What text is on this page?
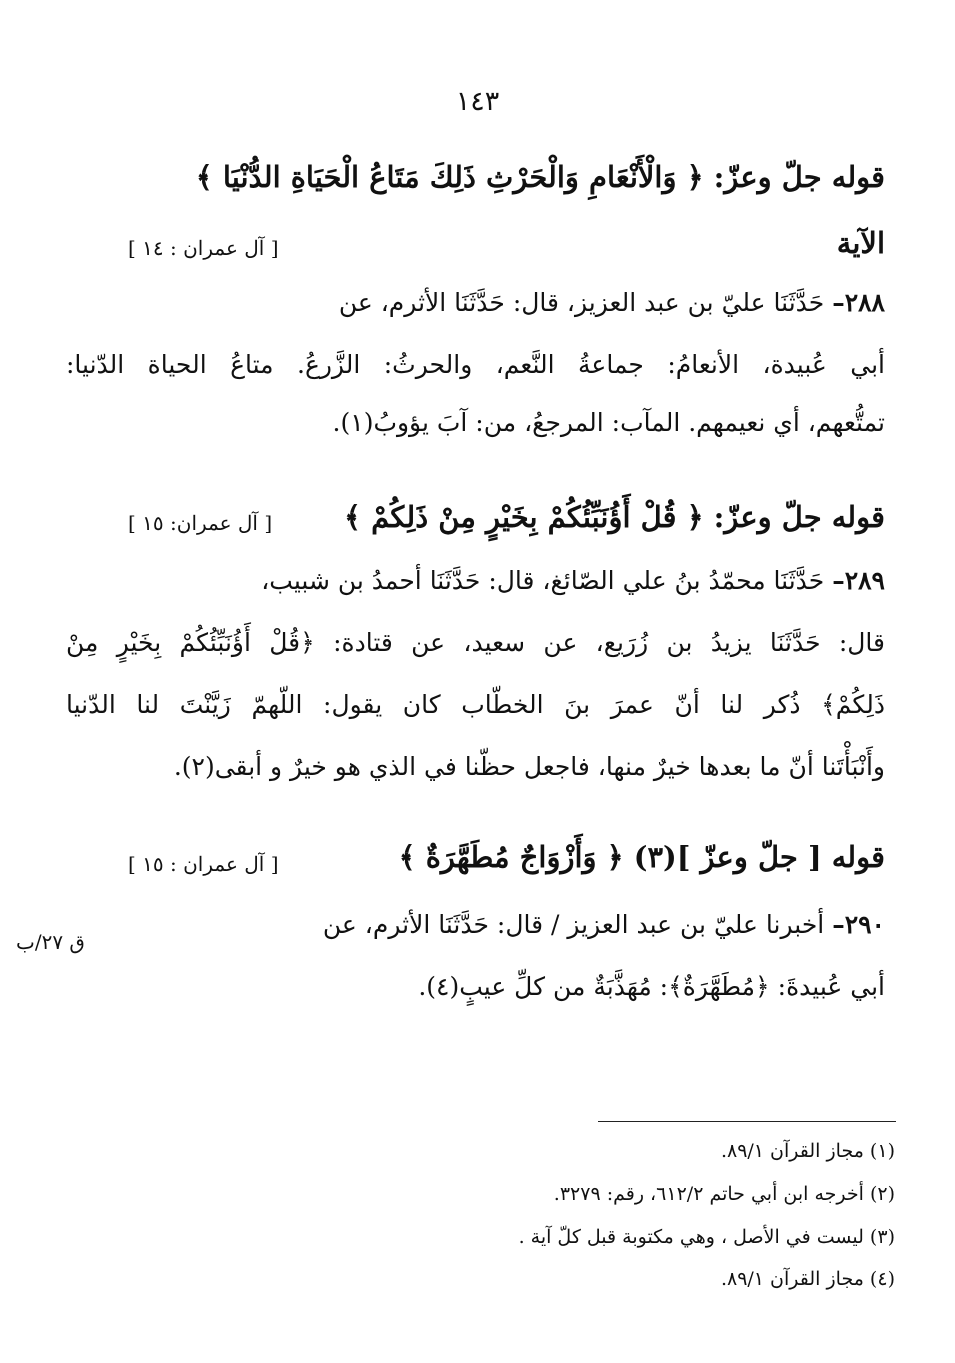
١٤٣
قوله جلّ وعزّ: ﴿ وَالْأَنْعَامِ وَالْحَرْثِ ذَلِكَ مَتَاعُ الْحَيَاةِ الدُّنْيَا ﴾
الآية
[ آل عمران : ١٤ ]
٢٨٨– حَدَّثَنَا عليّ بن عبد العزيز، قال: حَدَّثَنَا الأثرم، عن
أبي عُبيدة، الأنعامُ: جماعةُ النَّعم، والحرثُ: الزَّرعُ. متاعُ الحياة الدّنيا:
تمتُّعهم، أي نعيمهم. المآب: المرجعُ، من: آبَ يؤوبُ(١).
قوله جلّ وعزّ: ﴿ قُلْ أَؤُنَبِّئُكُمْ بِخَيْرٍ مِنْ ذَلِكُمْ ﴾
[ آل عمران: ١٥ ]
٢٨٩– حَدَّثَنَا محمّدُ بنُ علي الصّائغ، قال: حَدَّثَنَا أحمدُ بن شبيب،
قال: حَدَّثَنَا يزيدُ بن زُرَيع، عن سعيد، عن قتادة: ﴿قُلْ أَؤُنَبِّئُكُمْ بِخَيْرٍ مِنْ
ذَلِكُمْ﴾ ذُكر لنا أنّ عمرَ بنَ الخطّاب كان يقول: اللّهمّ زَيَّنْتَ لنا الدّنيا
وأَنْبَأْتَنا أنّ ما بعدها خيرٌ منها، فاجعل حظّنا في الذي هو خيرٌ و أبقى(٢).
قوله [ جلّ وعزّ ](٣) ﴿ وَأَزْوَاجٌ مُطَهَّرَةٌ ﴾
[ آل عمران : ١٥ ]
٢٩٠– أخبرنا عليّ بن عبد العزيز / قال: حَدَّثَنَا الأثرم، عن
ق ٢٧/ب
أبي عُبيدةَ: ﴿مُطَهَّرَةٌ﴾: مُهَذَّبَةٌ من كلِّ عيبٍ(٤).
(١) مجاز القرآن ٨٩/١.
(٢) أخرجه ابن أبي حاتم ٦١٢/٢، رقم: ٣٢٧٩.
(٣) ليست في الأصل ، وهي مكتوبة قبل كلّ آية .
(٤) مجاز القرآن ٨٩/١.
